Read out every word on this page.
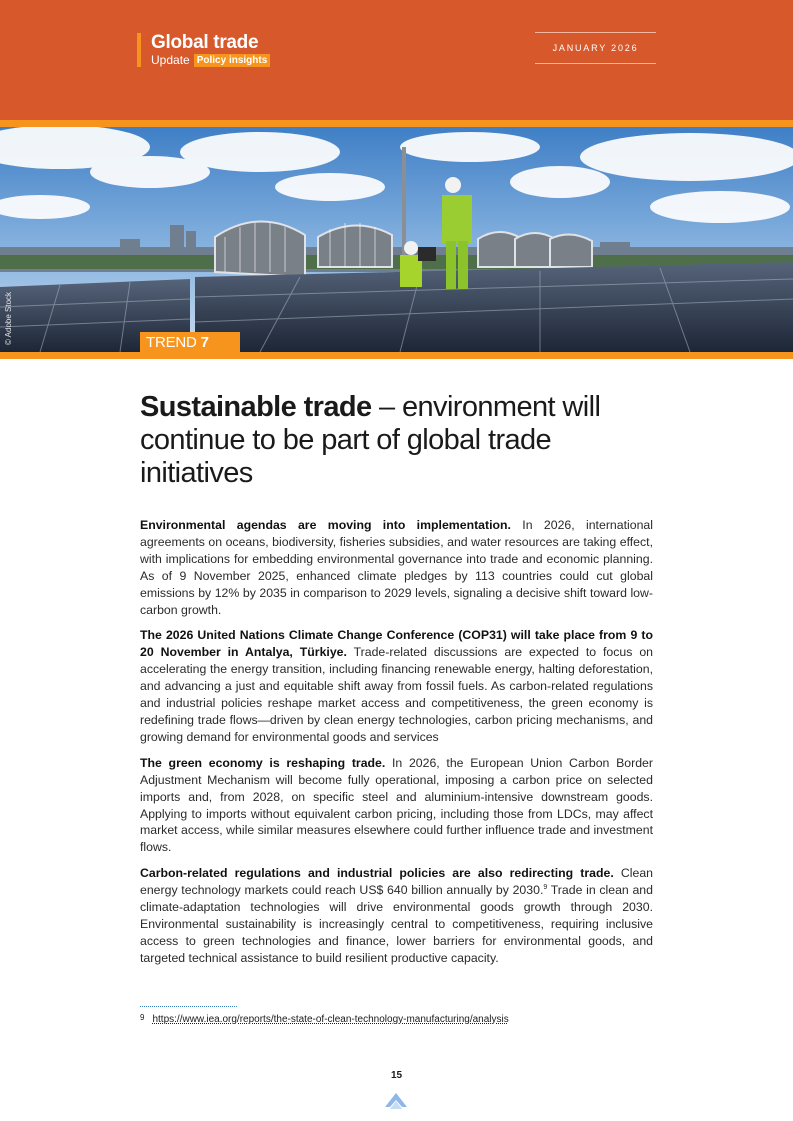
Global trade
Update Policy insights
JANUARY 2026
© Adobe Stock	TREND 7
Sustainable trade – environment will continue to be part of global trade initiatives

Environmental agendas are moving into implementation. In 2026, international agreements on oceans, biodiversity, fisheries subsidies, and water resources are taking effect, with implications for embedding environmental governance into trade and economic planning. As of 9 November 2025, enhanced climate pledges by 113 countries could cut global emissions by 12% by 2035 in comparison to 2029 levels, signaling a decisive shift toward low-carbon growth.

The 2026 United Nations Climate Change Conference (COP31) will take place from 9 to 20 November in Antalya, Türkiye. Trade-related discussions are expected to focus on accelerating the energy transition, including financing renewable energy, halting deforestation, and advancing a just and equitable shift away from fossil fuels. As carbon-related regulations and industrial policies reshape market access and competitiveness, the green economy is redefining trade flows—driven by clean energy technologies, carbon pricing mechanisms, and growing demand for environmental goods and services

The green economy is reshaping trade. In 2026, the European Union Carbon Border Adjustment Mechanism will become fully operational, imposing a carbon price on selected imports and, from 2028, on specific steel and aluminium-intensive downstream goods. Applying to imports without equivalent carbon pricing, including those from LDCs, may affect market access, while similar measures elsewhere could further influence trade and investment flows.

Carbon-related regulations and industrial policies are also redirecting trade. Clean energy technology markets could reach US$ 640 billion annually by 2030.$^9$ Trade in clean and climate-adaptation technologies will drive environmental goods growth through 2030. Environmental sustainability is increasingly central to competitiveness, requiring inclusive access to green technologies and finance, lower barriers for environmental goods, and targeted technical assistance to build resilient productive capacity.

$^9$ https://www.iea.org/reports/the-state-of-clean-technology-manufacturing/analysis
15
